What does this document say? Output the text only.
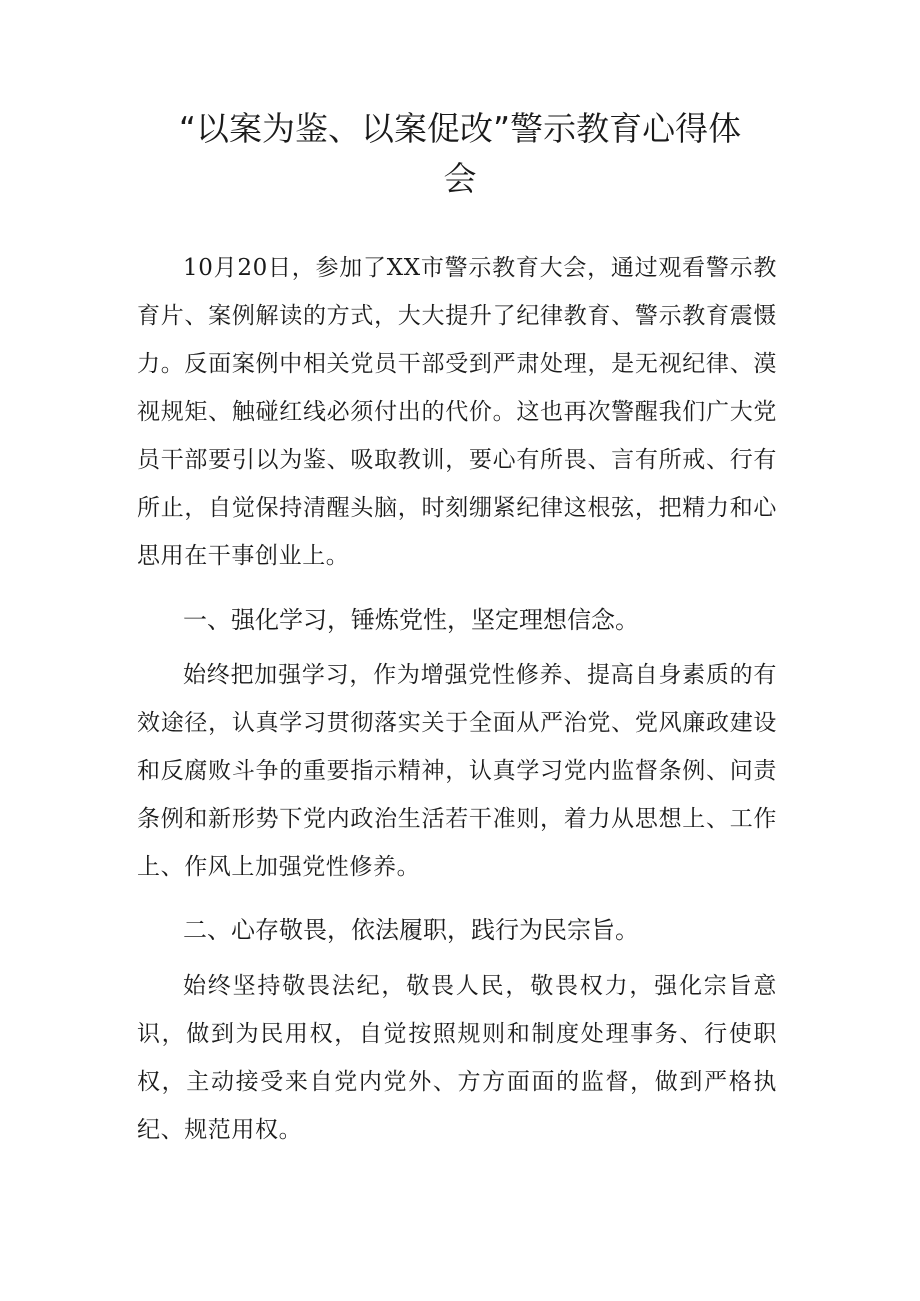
“以案为鉴、以案促改”警示教育心得体
会

10月20日，参加了XX市警示教育大会，通过观看警示教育片、案例解读的方式，大大提升了纪律教育、警示教育震慑力。反面案例中相关党员干部受到严肃处理，是无视纪律、漠视规矩、触碰红线必须付出的代价。这也再次警醒我们广大党员干部要引以为鉴、吸取教训，要心有所畏、言有所戒、行有所止，自觉保持清醒头脑，时刻绷紧纪律这根弦，把精力和心思用在干事创业上。

一、强化学习，锤炼党性，坚定理想信念。

始终把加强学习，作为增强党性修养、提高自身素质的有效途径，认真学习贯彻落实关于全面从严治党、党风廉政建设和反腐败斗争的重要指示精神，认真学习党内监督条例、问责条例和新形势下党内政治生活若干准则，着力从思想上、工作上、作风上加强党性修养。

二、心存敬畏，依法履职，践行为民宗旨。

始终坚持敬畏法纪，敬畏人民，敬畏权力，强化宗旨意识，做到为民用权，自觉按照规则和制度处理事务、行使职权，主动接受来自党内党外、方方面面的监督，做到严格执纪、规范用权。
